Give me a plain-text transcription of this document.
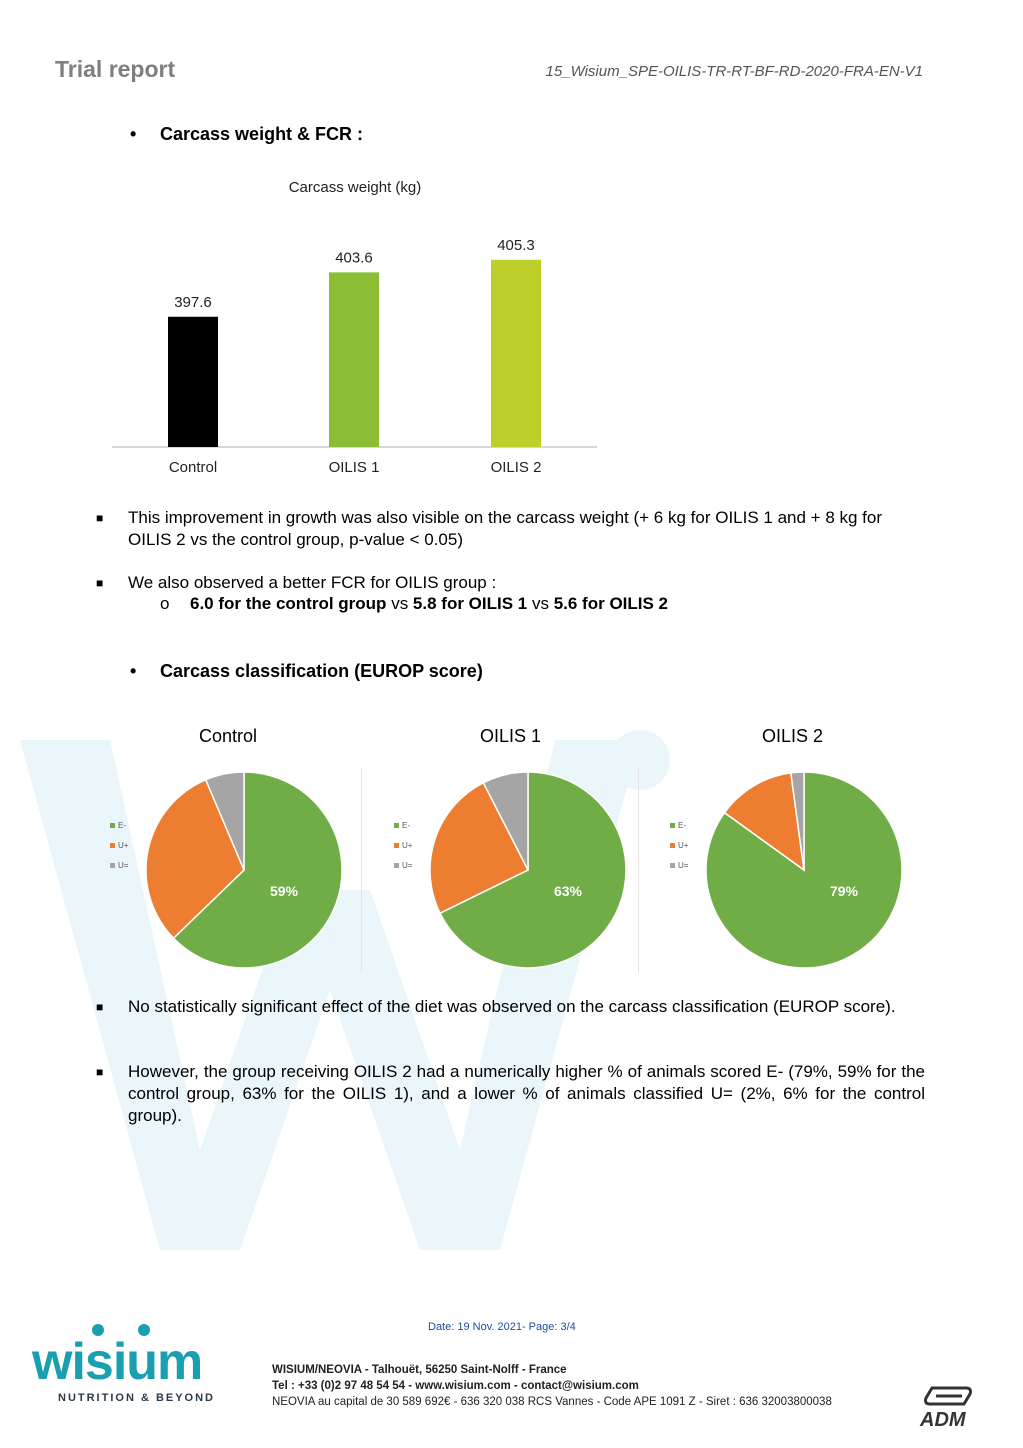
Trial report	15_Wisium_SPE-OILIS-TR-RT-BF-RD-2020-FRA-EN-V1
• Carcass weight & FCR :
Carcass weight (kg)
397.6
Control
403.6
OILIS 1
405.3
OILIS 2
■ This improvement in growth was also visible on the carcass weight (+ 6 kg for OILIS 1 and + 8 kg for OILIS 2 vs the control group, p-value < 0.05)
■ We also observed a better FCR for OILIS group :
o 6.0 for the control group vs 5.8 for OILIS 1 vs 5.6 for OILIS 2
• Carcass classification (EUROP score)
Control	OILIS 1	OILIS 2
59%	63%	79%
E-
U+
U=
E-
U+
U=
E-
U+
U=
■ No statistically significant effect of the diet was observed on the carcass classification (EUROP score).
■ However, the group receiving OILIS 2 had a numerically higher % of animals scored E- (79%, 59% for the control group, 63% for the OILIS 1), and a lower % of animals classified U= (2%, 6% for the control group).
Date: 19 Nov. 2021- Page: 3/4
wisium
NUTRITION & BEYOND
WISIUM/NEOVIA - Talhouët, 56250 Saint-Nolff - France
Tel : +33 (0)2 97 48 54 54 - www.wisium.com - contact@wisium.com
NEOVIA au capital de 30 589 692€ - 636 320 038 RCS Vannes - Code APE 1091 Z - Siret : 636 32003800038
ADM
